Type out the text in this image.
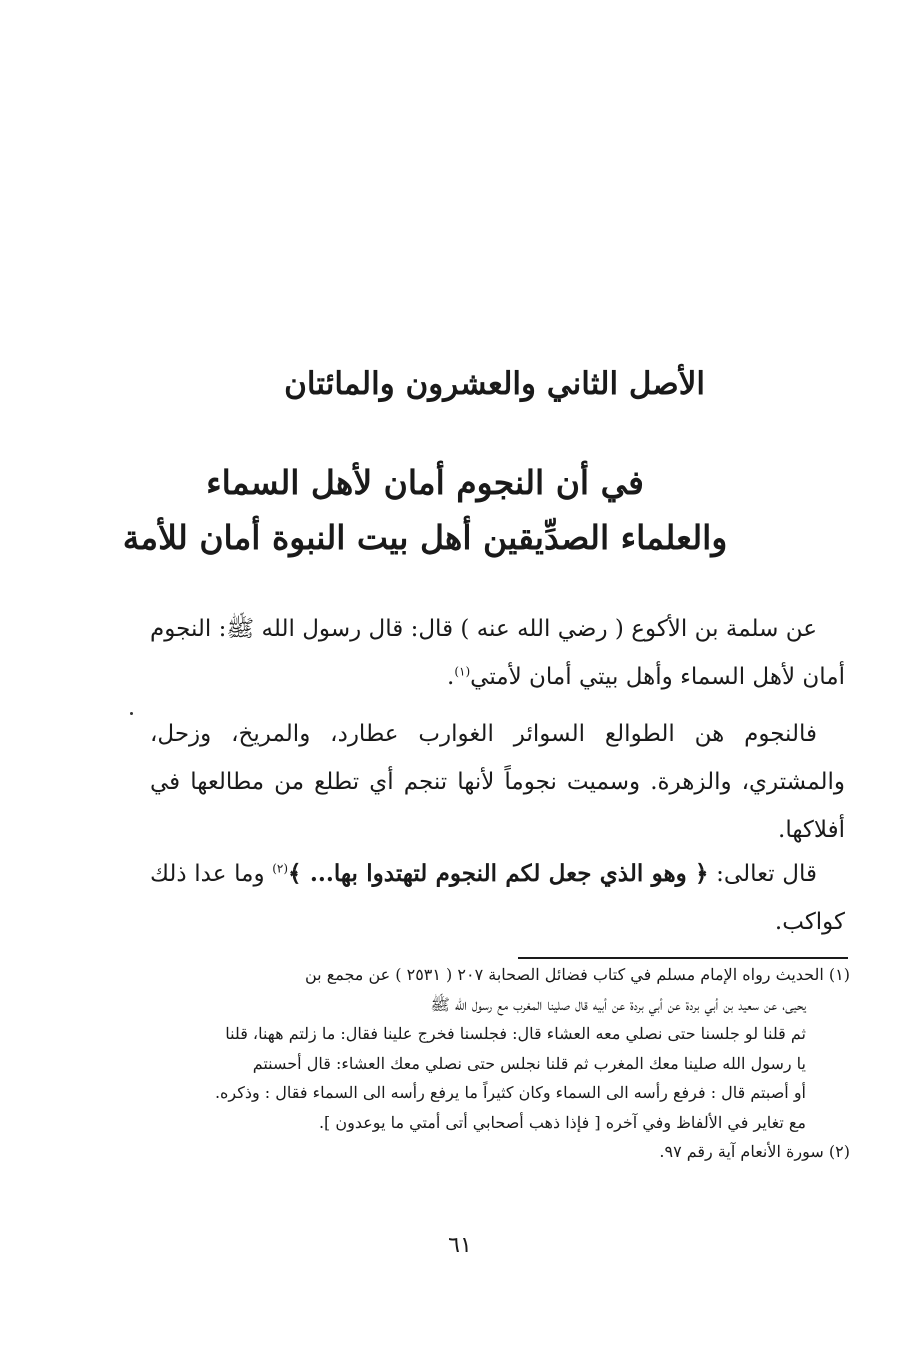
الأصل الثاني والعشرون والمائتان
في أن النجوم أمان لأهل السماء
والعلماء الصدِّيقين أهل بيت النبوة أمان للأمة
عن سلمة بن الأكوع ( رضي الله عنه ) قال: قال رسول الله ﷺ: النجوم أمان لأهل السماء وأهل بيتي أمان لأمتي$^{(١)}$.
فالنجوم هن الطوالع السوائر الغوارب عطارد، والمريخ، وزحل، والمشتري، والزهرة. وسميت نجوماً لأنها تنجم أي تطلع من مطالعها في أفلاكها.
قال تعالى: ﴿ وهو الذي جعل لكم النجوم لتهتدوا بها... ﴾$^{(٢)}$ وما عدا ذلك كواكب.
(١) الحديث رواه الإمام مسلم في كتاب فضائل الصحابة ٢٠٧ ( ٢٥٣١ ) عن مجمع بن
يحيى، عن سعيد بن أبي بردة عن أبي بردة عن أبيه قال صلينا المغرب مع رسول الله ﷺ
ثم قلنا لو جلسنا حتى نصلي معه العشاء قال: فجلسنا فخرج علينا فقال: ما زلتم ههنا، قلنا
يا رسول الله صلينا معك المغرب ثم قلنا نجلس حتى نصلي معك العشاء: قال أحسنتم
أو أصبتم قال : فرفع رأسه الى السماء وكان كثيراً ما يرفع رأسه الى السماء فقال : وذكره.
مع تغاير في الألفاظ وفي آخره [ فإذا ذهب أصحابي أتى أمتي ما يوعدون ].
(٢) سورة الأنعام آية رقم ٩٧.
٦١
